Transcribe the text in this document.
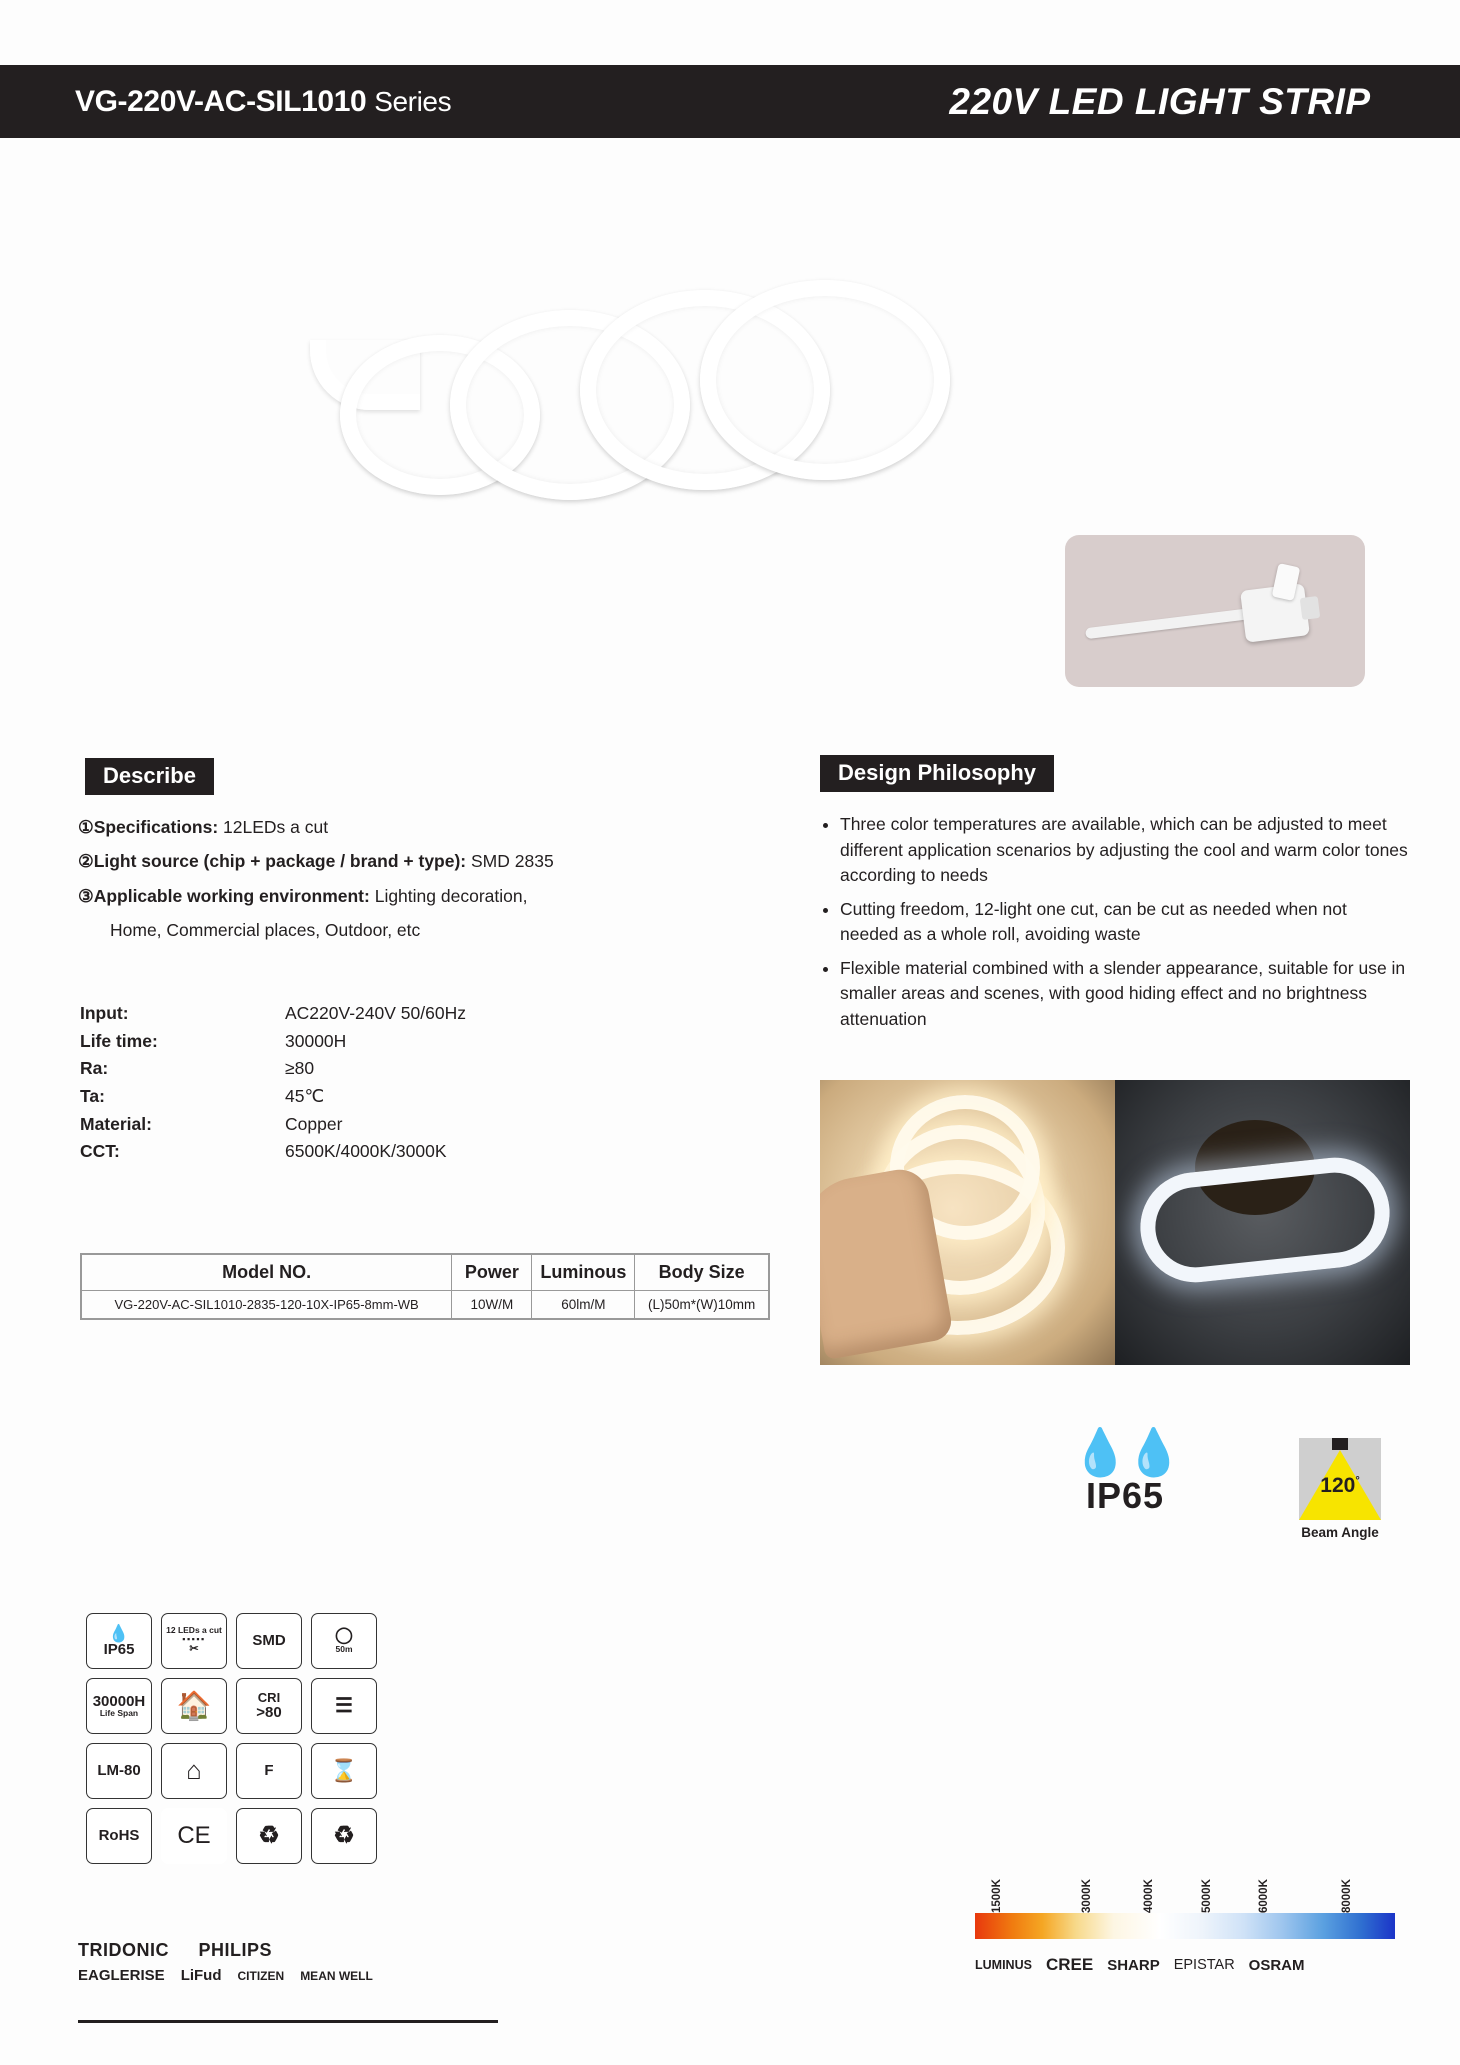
VG-220V-AC-SIL1010 Series	220V LED LIGHT STRIP
Describe

①Specifications: 12LEDs a cut

②Light source (chip + package / brand + type): SMD 2835

③Applicable working environment: Lighting decoration,

Home, Commercial places, Outdoor, etc

Input:	AC220V-240V 50/60Hz
Life time:	30000H
Ra:	≥80
Ta:	45℃
Material:	Copper
CCT:	6500K/4000K/3000K
Model NO.	Power	Luminous	Body Size
VG-220V-AC-SIL1010-2835-120-10X-IP65-8mm-WB	10W/M	60lm/M	(L)50m*(W)10mm
Design Philosophy
• Three color temperatures are available, which can be adjusted to meet different application scenarios by adjusting the cool and warm color tones according to needs
• Cutting freedom, 12-light one cut, can be cut as needed when not needed as a whole roll, avoiding waste
• Flexible material combined with a slender appearance, suitable for use in smaller areas and scenes, with good hiding effect and no brightness attenuation
💧💧
IP65	120°
Beam Angle
💧
IP65	12 LEDs a cut
▪▪▪▪▪
✂	SMD	◯
50m

30000H
Life Span	🏠	CRI
>80	☰

LM-80	⌂	F	⌛

RoHS	CE	♻	♻
TRIDONIC PHILIPS
EAGLERISE LiFud CITIZEN MEAN WELL
1500K	3000K	4000K	5000K	6000K	8000K
LUMINUS CREE SHARP EPISTAR OSRAM
